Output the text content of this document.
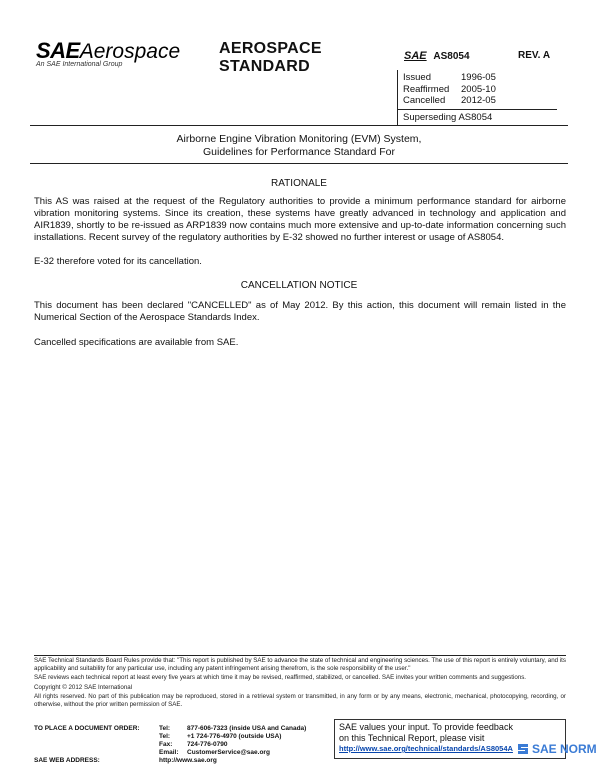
SAEAerospace
An SAE International Group
AEROSPACE
STANDARD
SAE AS8054	REV. A
Issued	1996-05
Reaffirmed 2005-10
Cancelled 2012-05
Superseding AS8054
Airborne Engine Vibration Monitoring (EVM) System,
Guidelines for Performance Standard For
RATIONALE
This AS was raised at the request of the Regulatory authorities to provide a minimum performance standard for airborne vibration monitoring systems. Since its creation, these systems have greatly advanced in technology and application and AIR1839, shortly to be re-issued as ARP1839 now contains much more extensive and up-to-date information concerning such installations. Recent survey of the regulatory authorities by E-32 showed no further interest or usage of AS8054.
E-32 therefore voted for its cancellation.
CANCELLATION NOTICE
This document has been declared "CANCELLED" as of May 2012. By this action, this document will remain listed in the Numerical Section of the Aerospace Standards Index.
Cancelled specifications are available from SAE.
SAE Technical Standards Board Rules provide that: "This report is published by SAE to advance the state of technical and engineering sciences. The use of this report is entirely voluntary, and its applicability and suitability for any particular use, including any patent infringement arising therefrom, is the sole responsibility of the user."
SAE reviews each technical report at least every five years at which time it may be revised, reaffirmed, stabilized, or cancelled. SAE invites your written comments and suggestions.
Copyright © 2012 SAE International
All rights reserved. No part of this publication may be reproduced, stored in a retrieval system or transmitted, in any form or by any means, electronic, mechanical, photocopying, recording, or otherwise, without the prior written permission of SAE.
TO PLACE A DOCUMENT ORDER:	Tel:	877-606-7323 (inside USA and Canada)
Tel:	+1 724-776-4970 (outside USA)
Fax: 724-776-0790
Email: CustomerService@sae.org
SAE WEB ADDRESS:	http://www.sae.org
SAE values your input. To provide feedback
on this Technical Report, please visit
http://www.sae.org/technical/standards/AS8054A	SAE NORM
